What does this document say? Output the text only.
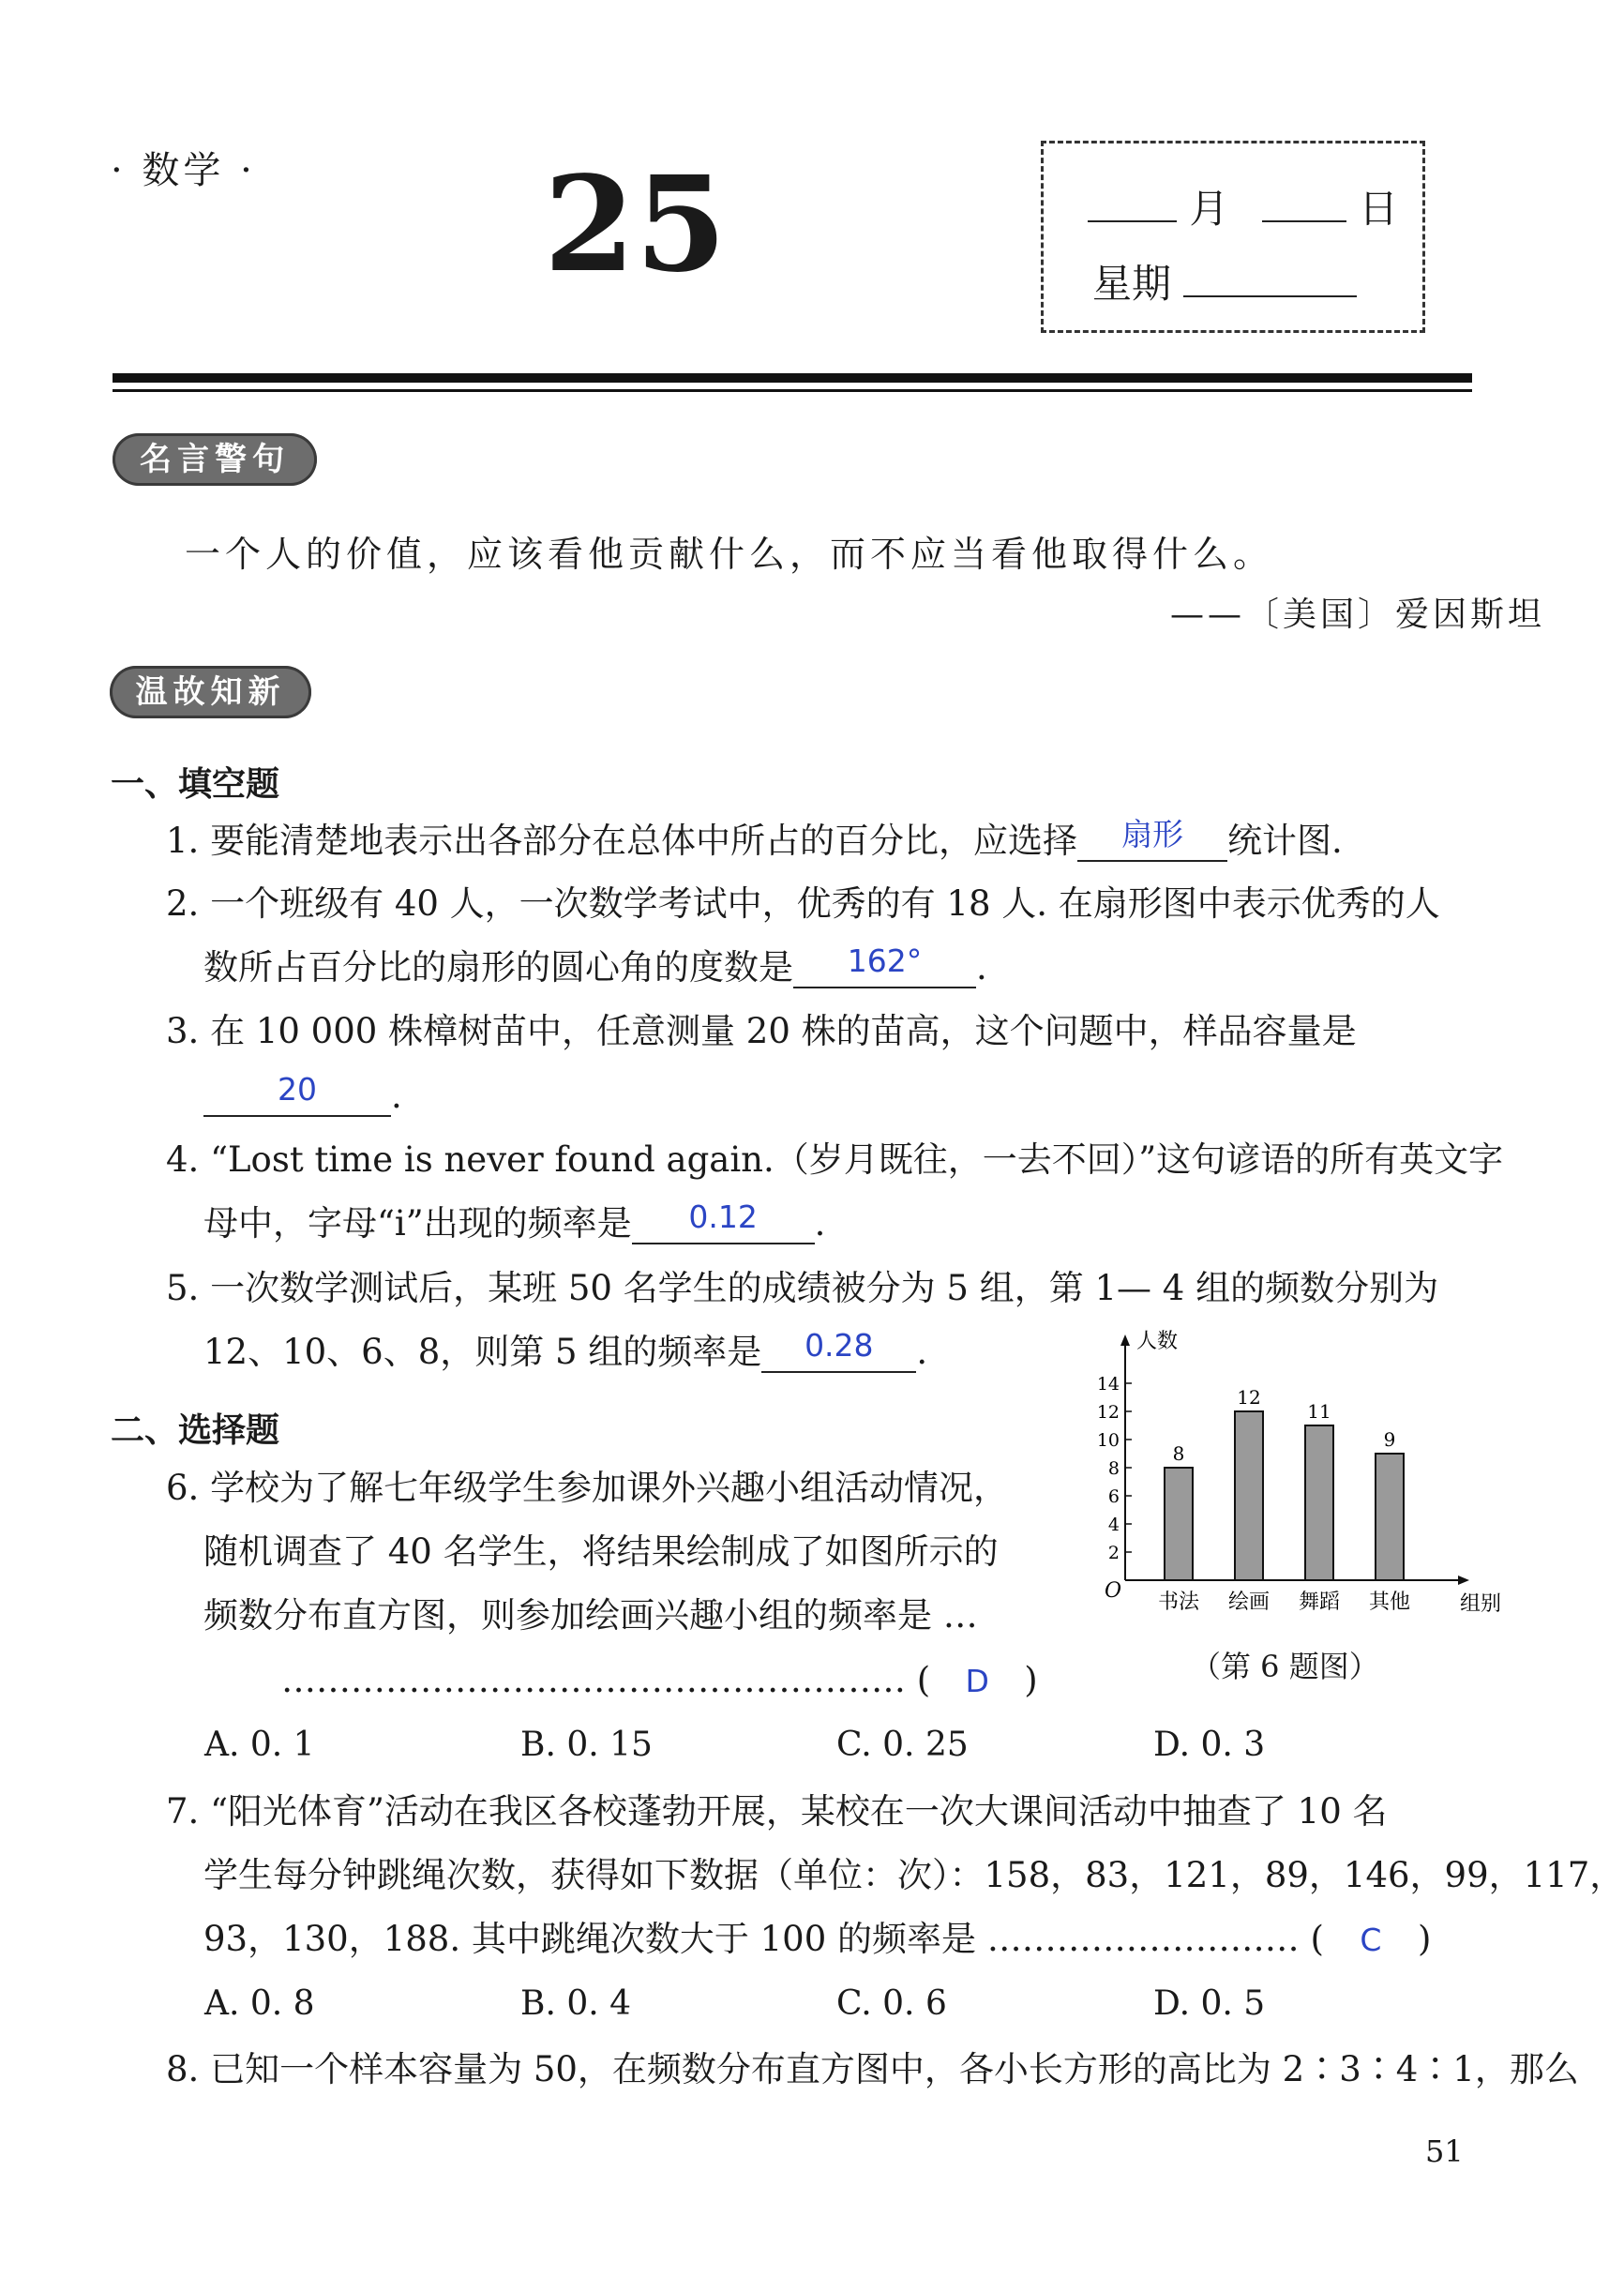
· 数学 · 25	月	日
星期
名言警句
一个人的价值，应该看他贡献什么，而不应当看他取得什么。
——〔美国〕爱因斯坦
温故知新
一、填空题
1. 要能清楚地表示出各部分在总体中所占的百分比，应选择 扇形 统计图.
2. 一个班级有 40 人，一次数学考试中，优秀的有 18 人. 在扇形图中表示优秀的人
数所占百分比的扇形的圆心角的度数是 162° .
3. 在 10 000 株樟树苗中，任意测量 20 株的苗高，这个问题中，样品容量是
20 .
4. “Lost time is never found again.（岁月既往，一去不回）”这句谚语的所有英文字
母中，字母“i”出现的频率是 0.12 .
5. 一次数学测试后，某班 50 名学生的成绩被分为 5 组，第 1— 4 组的频数分别为
12、10、6、8，则第 5 组的频率是 0.28 .
二、选择题
6. 学校为了解七年级学生参加课外兴趣小组活动情况，
随机调查了 40 名学生，将结果绘制成了如图所示的
频数分布直方图，则参加绘画兴趣小组的频率是 …
……………………………………………… ( D )
A. 0. 1	B. 0. 15	C. 0. 25	D. 0. 3
人数
组别
O
2
4
6
8
10
12
14
8
书法
12
绘画
11
舞蹈
9
其他
（第 6 题图）
7. “阳光体育”活动在我区各校蓬勃开展，某校在一次大课间活动中抽查了 10 名
学生每分钟跳绳次数，获得如下数据（单位：次）：158，83，121，89，146，99，117，
93，130，188. 其中跳绳次数大于 100 的频率是 ……………………… ( C )
A. 0. 8	B. 0. 4	C. 0. 6	D. 0. 5
8. 已知一个样本容量为 50，在频数分布直方图中，各小长方形的高比为 2∶3∶4∶1，那么
51
